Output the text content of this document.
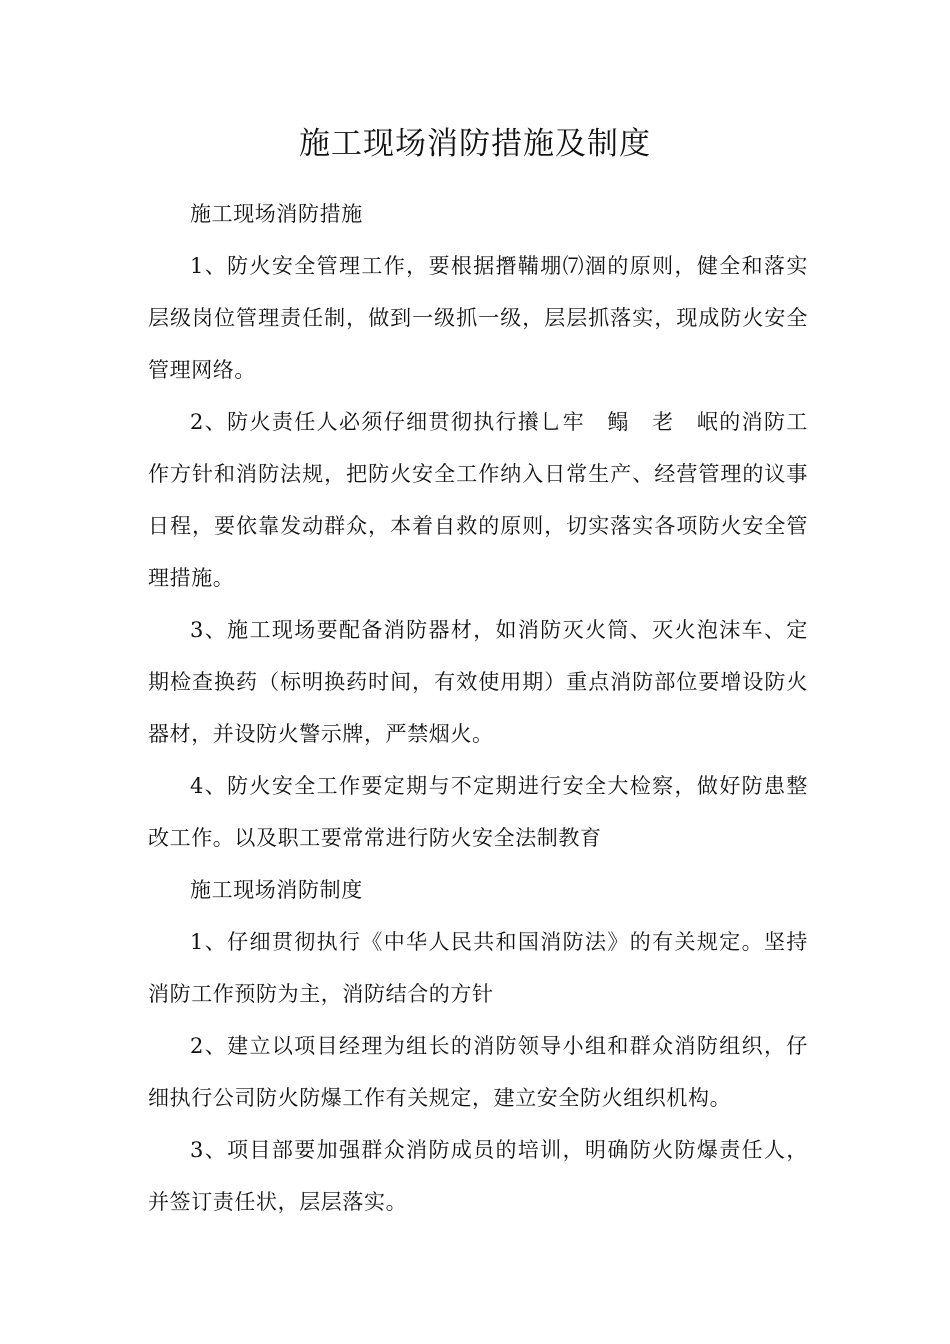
施工现场消防措施及制度

施工现场消防措施

1、防火安全管理工作，要根据撍鞴堋⑺涸的原则，健全和落实层级岗位管理责任制，做到一级抓一级，层层抓落实，现成防火安全管理网络。

2、防火责任人必须仔细贯彻执行攁乚牢　鳎　老　岷的消防工作方针和消防法规，把防火安全工作纳入日常生产、经营管理的议事日程，要依靠发动群众，本着自救的原则，切实落实各项防火安全管理措施。

3、施工现场要配备消防器材，如消防灭火筒、灭火泡沫车、定期检查换药（标明换药时间，有效使用期）重点消防部位要增设防火器材，并设防火警示牌，严禁烟火。

4、防火安全工作要定期与不定期进行安全大检察，做好防患整改工作。以及职工要常常进行防火安全法制教育

施工现场消防制度

1、仔细贯彻执行《中华人民共和国消防法》的有关规定。坚持消防工作预防为主，消防结合的方针

2、建立以项目经理为组长的消防领导小组和群众消防组织，仔细执行公司防火防爆工作有关规定，建立安全防火组织机构。

3、项目部要加强群众消防成员的培训，明确防火防爆责任人，并签订责任状，层层落实。
